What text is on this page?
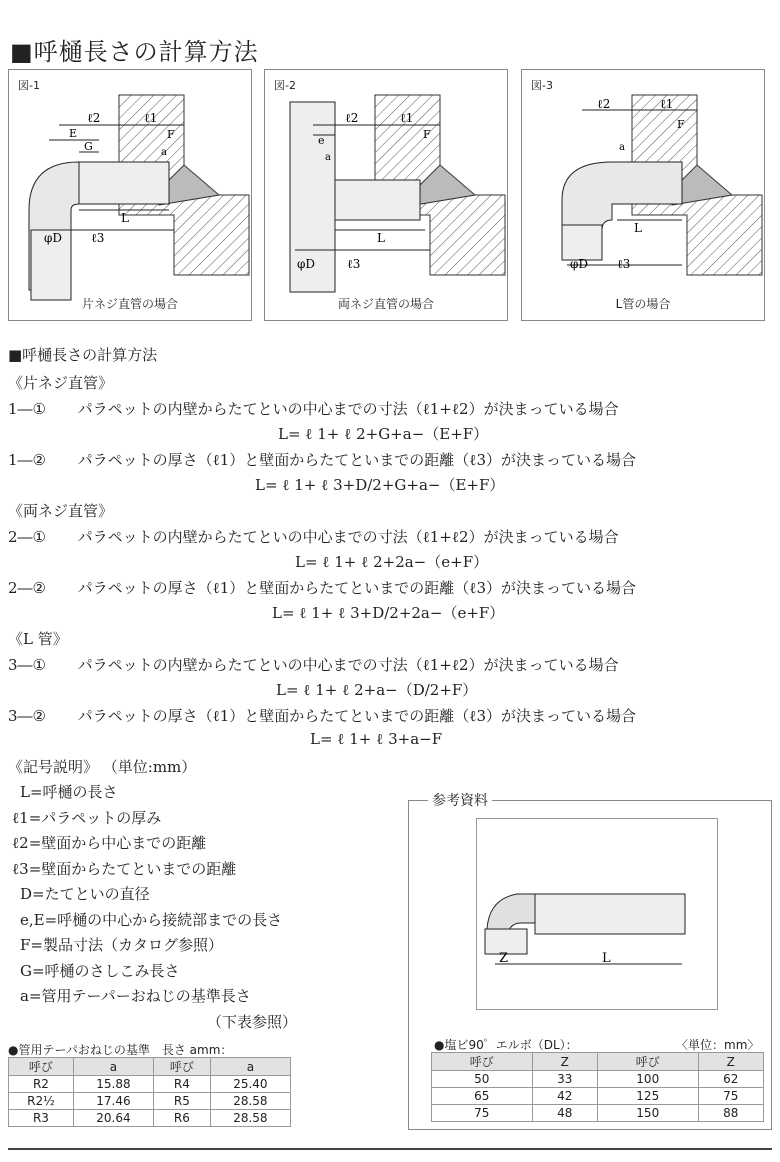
■呼樋長さの計算方法
図-1
ℓ2	ℓ1
E
G	a
F
L
φD ℓ3
片ネジ直管の場合
図-2
ℓ2	ℓ1
e
a
F
L
φD	ℓ3
両ネジ直管の場合
図-3
ℓ2	ℓ1
a
F
L
φD ℓ3
L管の場合
■呼樋長さの計算方法
《片ネジ直管》
1―① パラペットの内壁からたてといの中心までの寸法（ℓ1+ℓ2）が決まっている場合
L= ℓ 1+ ℓ 2+G+a−（E+F）
1―② パラペットの厚さ（ℓ1）と壁面からたてといまでの距離（ℓ3）が決まっている場合
L= ℓ 1+ ℓ 3+D/2+G+a−（E+F）
《両ネジ直管》
2―① パラペットの内壁からたてといの中心までの寸法（ℓ1+ℓ2）が決まっている場合
L= ℓ 1+ ℓ 2+2a−（e+F）
2―② パラペットの厚さ（ℓ1）と壁面からたてといまでの距離（ℓ3）が決まっている場合
L= ℓ 1+ ℓ 3+D/2+2a−（e+F）
《L 管》
3―① パラペットの内壁からたてといの中心までの寸法（ℓ1+ℓ2）が決まっている場合
L= ℓ 1+ ℓ 2+a−（D/2+F）
3―② パラペットの厚さ（ℓ1）と壁面からたてといまでの距離（ℓ3）が決まっている場合
L= ℓ 1+ ℓ 3+a−F
《記号説明》 （単位:mm）
L=呼樋の長さ
ℓ1=パラペットの厚み
ℓ2=壁面から中心までの距離
ℓ3=壁面からたてといまでの距離
D=たてといの直径
e,E=呼樋の中心から接続部までの長さ
F=製品寸法（カタログ参照）
G=呼樋のさしこみ長さ
a=管用テーパーおねじの基準長さ
（下表参照）
●管用テーパおねじの基準　長さ amm：
呼び	a	呼び	a
R2	15.88	R4	25.40
R2½	17.46	R5	28.58
R3	20.64	R6	28.58
参考資料
Z	L
●塩ビ90゜エルボ（DL）：	〈単位：mm〉
呼び	Z	呼び	Z
50	33	100	62
65	42	125	75
75	48	150	88
